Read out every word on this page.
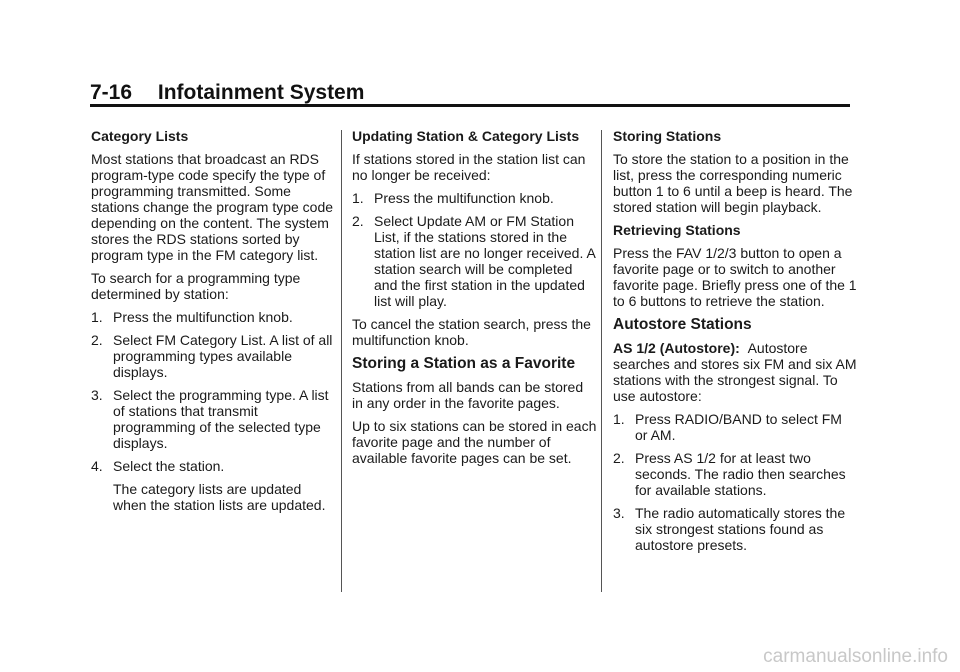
7-16 Infotainment System
Category Lists

Most stations that broadcast an RDS program-type code specify the type of programming transmitted. Some stations change the program type code depending on the content. The system stores the RDS stations sorted by program type in the FM category list.

To search for a programming type determined by station:

1. Press the multifunction knob.
2. Select FM Category List. A list of all programming types available displays.
3. Select the programming type. A list of stations that transmit programming of the selected type displays.
4. Select the station.

The category lists are updated when the station lists are updated.

Updating Station & Category Lists

If stations stored in the station list can no longer be received:

1. Press the multifunction knob.
2. Select Update AM or FM Station List, if the stations stored in the station list are no longer received. A station search will be completed and the first station in the updated list will play.

To cancel the station search, press the multifunction knob.

Storing a Station as a Favorite

Stations from all bands can be stored in any order in the favorite pages.

Up to six stations can be stored in each favorite page and the number of available favorite pages can be set.

Storing Stations

To store the station to a position in the list, press the corresponding numeric button 1 to 6 until a beep is heard. The stored station will begin playback.

Retrieving Stations

Press the FAV 1/2/3 button to open a favorite page or to switch to another favorite page. Briefly press one of the 1 to 6 buttons to retrieve the station.

Autostore Stations

AS 1/2 (Autostore): Autostore searches and stores six FM and six AM stations with the strongest signal. To use autostore:

1. Press RADIO/BAND to select FM or AM.
2. Press AS 1/2 for at least two seconds. The radio then searches for available stations.
3. The radio automatically stores the six strongest stations found as autostore presets.
carmanualsonline.info
